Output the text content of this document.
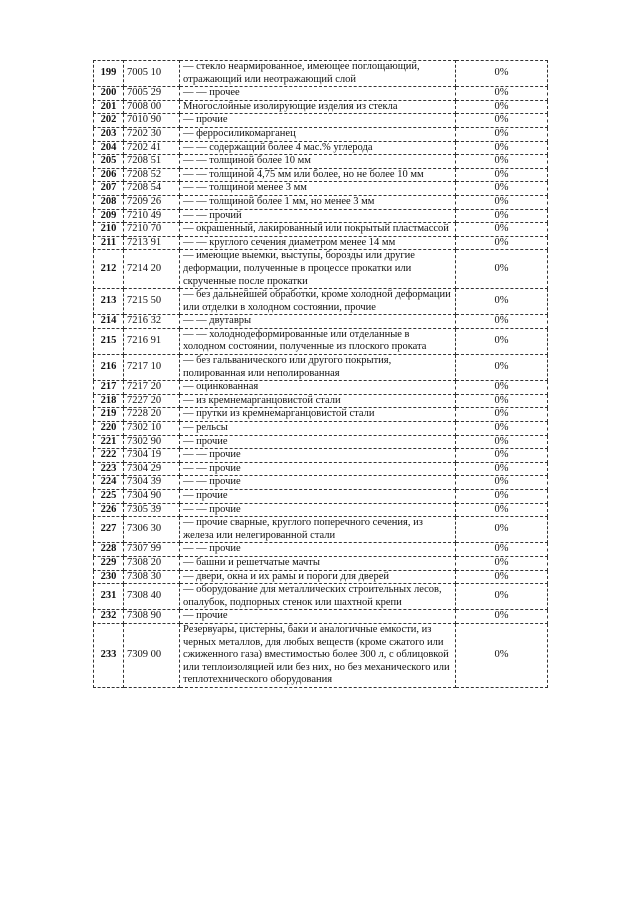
199	7005 10	— стекло неармированное, имеющее поглощающий, отражающий или неотражающий слой	0%
200	7005 29	— — прочее	0%
201	7008 00	Многослойные изолирующие изделия из стекла	0%
202	7010 90	— прочие	0%
203	7202 30	— ферросиликомарганец	0%
204	7202 41	— — содержащий более 4 мас.% углерода	0%
205	7208 51	— — толщиной более 10 мм	0%
206	7208 52	— — толщиной 4,75 мм или более, но не более 10 мм	0%
207	7208 54	— — толщиной менее 3 мм	0%
208	7209 26	— — толщиной более 1 мм, но менее 3 мм	0%
209	7210 49	— — прочий	0%
210	7210 70	— окрашенный, лакированный или покрытый пластмассой	0%
211	7213 91	— — круглого сечения диаметром менее 14 мм	0%
212	7214 20	— имеющие выемки, выступы, борозды или другие деформации, полученные в процессе прокатки или скрученные после прокатки	0%
213	7215 50	— без дальнейшей обработки, кроме холодной деформации или отделки в холодном состоянии, прочие	0%
214	7216 32	— — двутавры	0%
215	7216 91	— — холоднодеформированные или отделанные в холодном состоянии, полученные из плоского проката	0%
216	7217 10	— без гальванического или другого покрытия, полированная или неполированная	0%
217	7217 20	— оцинкованная	0%
218	7227 20	— из кремнемарганцовистой стали	0%
219	7228 20	— прутки из кремнемарганцовистой стали	0%
220	7302 10	— рельсы	0%
221	7302 90	— прочие	0%
222	7304 19	— — прочие	0%
223	7304 29	— — прочие	0%
224	7304 39	— — прочие	0%
225	7304 90	— прочие	0%
226	7305 39	— — прочие	0%
227	7306 30	— прочие сварные, круглого поперечного сечения, из железа или нелегированной стали	0%
228	7307 99	— — прочие	0%
229	7308 20	— башни и решетчатые мачты	0%
230	7308 30	— двери, окна и их рамы и пороги для дверей	0%
231	7308 40	— оборудование для металлических строительных лесов, опалубок, подпорных стенок или шахтной крепи	0%
232	7308 90	— прочие	0%
233	7309 00	Резервуары, цистерны, баки и аналогичные емкости, из черных металлов, для любых веществ (кроме сжатого или сжиженного газа) вместимостью более 300 л, с облицовкой или теплоизоляцией или без них, но без механического или теплотехнического оборудования	0%
